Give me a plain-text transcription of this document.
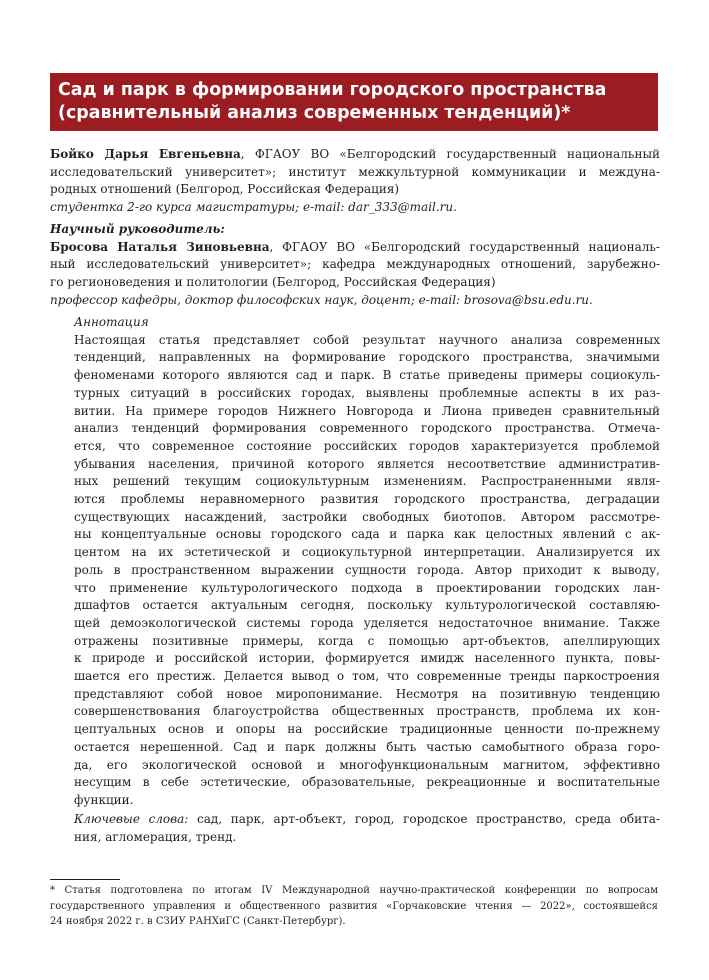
Сад и парк в формировании городского пространства
(сравнительный анализ современных тенденций)*
Бойко Дарья Евгеньевна, ФГАОУ ВО «Белгородский государственный национальный
исследовательский университет»; институт межкультурной коммуникации и междуна-
родных отношений (Белгород, Российская Федерация)
студентка 2-го курса магистратуры; e-mail: dar_333@mail.ru.
Научный руководитель:
Бросова Наталья Зиновьевна, ФГАОУ ВО «Белгородский государственный националь-
ный исследовательский университет»; кафедра международных отношений, зарубежно-
го регионоведения и политологии (Белгород, Российская Федерация)
профессор кафедры, доктор философских наук, доцент; e-mail: brosova@bsu.edu.ru.
Аннотация
Настоящая статья представляет собой результат научного анализа современных
тенденций, направленных на формирование городского пространства, значимыми
феноменами которого являются сад и парк. В статье приведены примеры социокуль-
турных ситуаций в российских городах, выявлены проблемные аспекты в их раз-
витии. На примере городов Нижнего Новгорода и Лиона приведен сравнительный
анализ тенденций формирования современного городского пространства. Отмеча-
ется, что современное состояние российских городов характеризуется проблемой
убывания населения, причиной которого является несоответствие административ-
ных решений текущим социокультурным изменениям. Распространенными явля-
ются проблемы неравномерного развития городского пространства, деградации
существующих насаждений, застройки свободных биотопов. Автором рассмотре-
ны концептуальные основы городского сада и парка как целостных явлений с ак-
центом на их эстетической и социокультурной интерпретации. Анализируется их
роль в пространственном выражении сущности города. Автор приходит к выводу,
что применение культурологического подхода в проектировании городских лан-
дшафтов остается актуальным сегодня, поскольку культурологической составляю-
щей демоэкологической системы города уделяется недостаточное внимание. Также
отражены позитивные примеры, когда с помощью арт-объектов, апеллирующих
к природе и российской истории, формируется имидж населенного пункта, повы-
шается его престиж. Делается вывод о том, что современные тренды паркостроения
представляют собой новое миропонимание. Несмотря на позитивную тенденцию
совершенствования благоустройства общественных пространств, проблема их кон-
цептуальных основ и опоры на российские традиционные ценности по-прежнему
остается нерешенной. Сад и парк должны быть частью самобытного образа горо-
да, его экологической основой и многофункциональным магнитом, эффективно
несущим в себе эстетические, образовательные, рекреационные и воспитательные
функции.
Ключевые слова: сад, парк, арт-объект, город, городское пространство, среда обита-
ния, агломерация, тренд.
* Статья подготовлена по итогам IV Международной научно-практической конференции по вопросам
государственного управления и общественного развития «Горчаковские чтения — 2022», состоявшейся
24 ноября 2022 г. в СЗИУ РАНХиГС (Санкт-Петербург).
